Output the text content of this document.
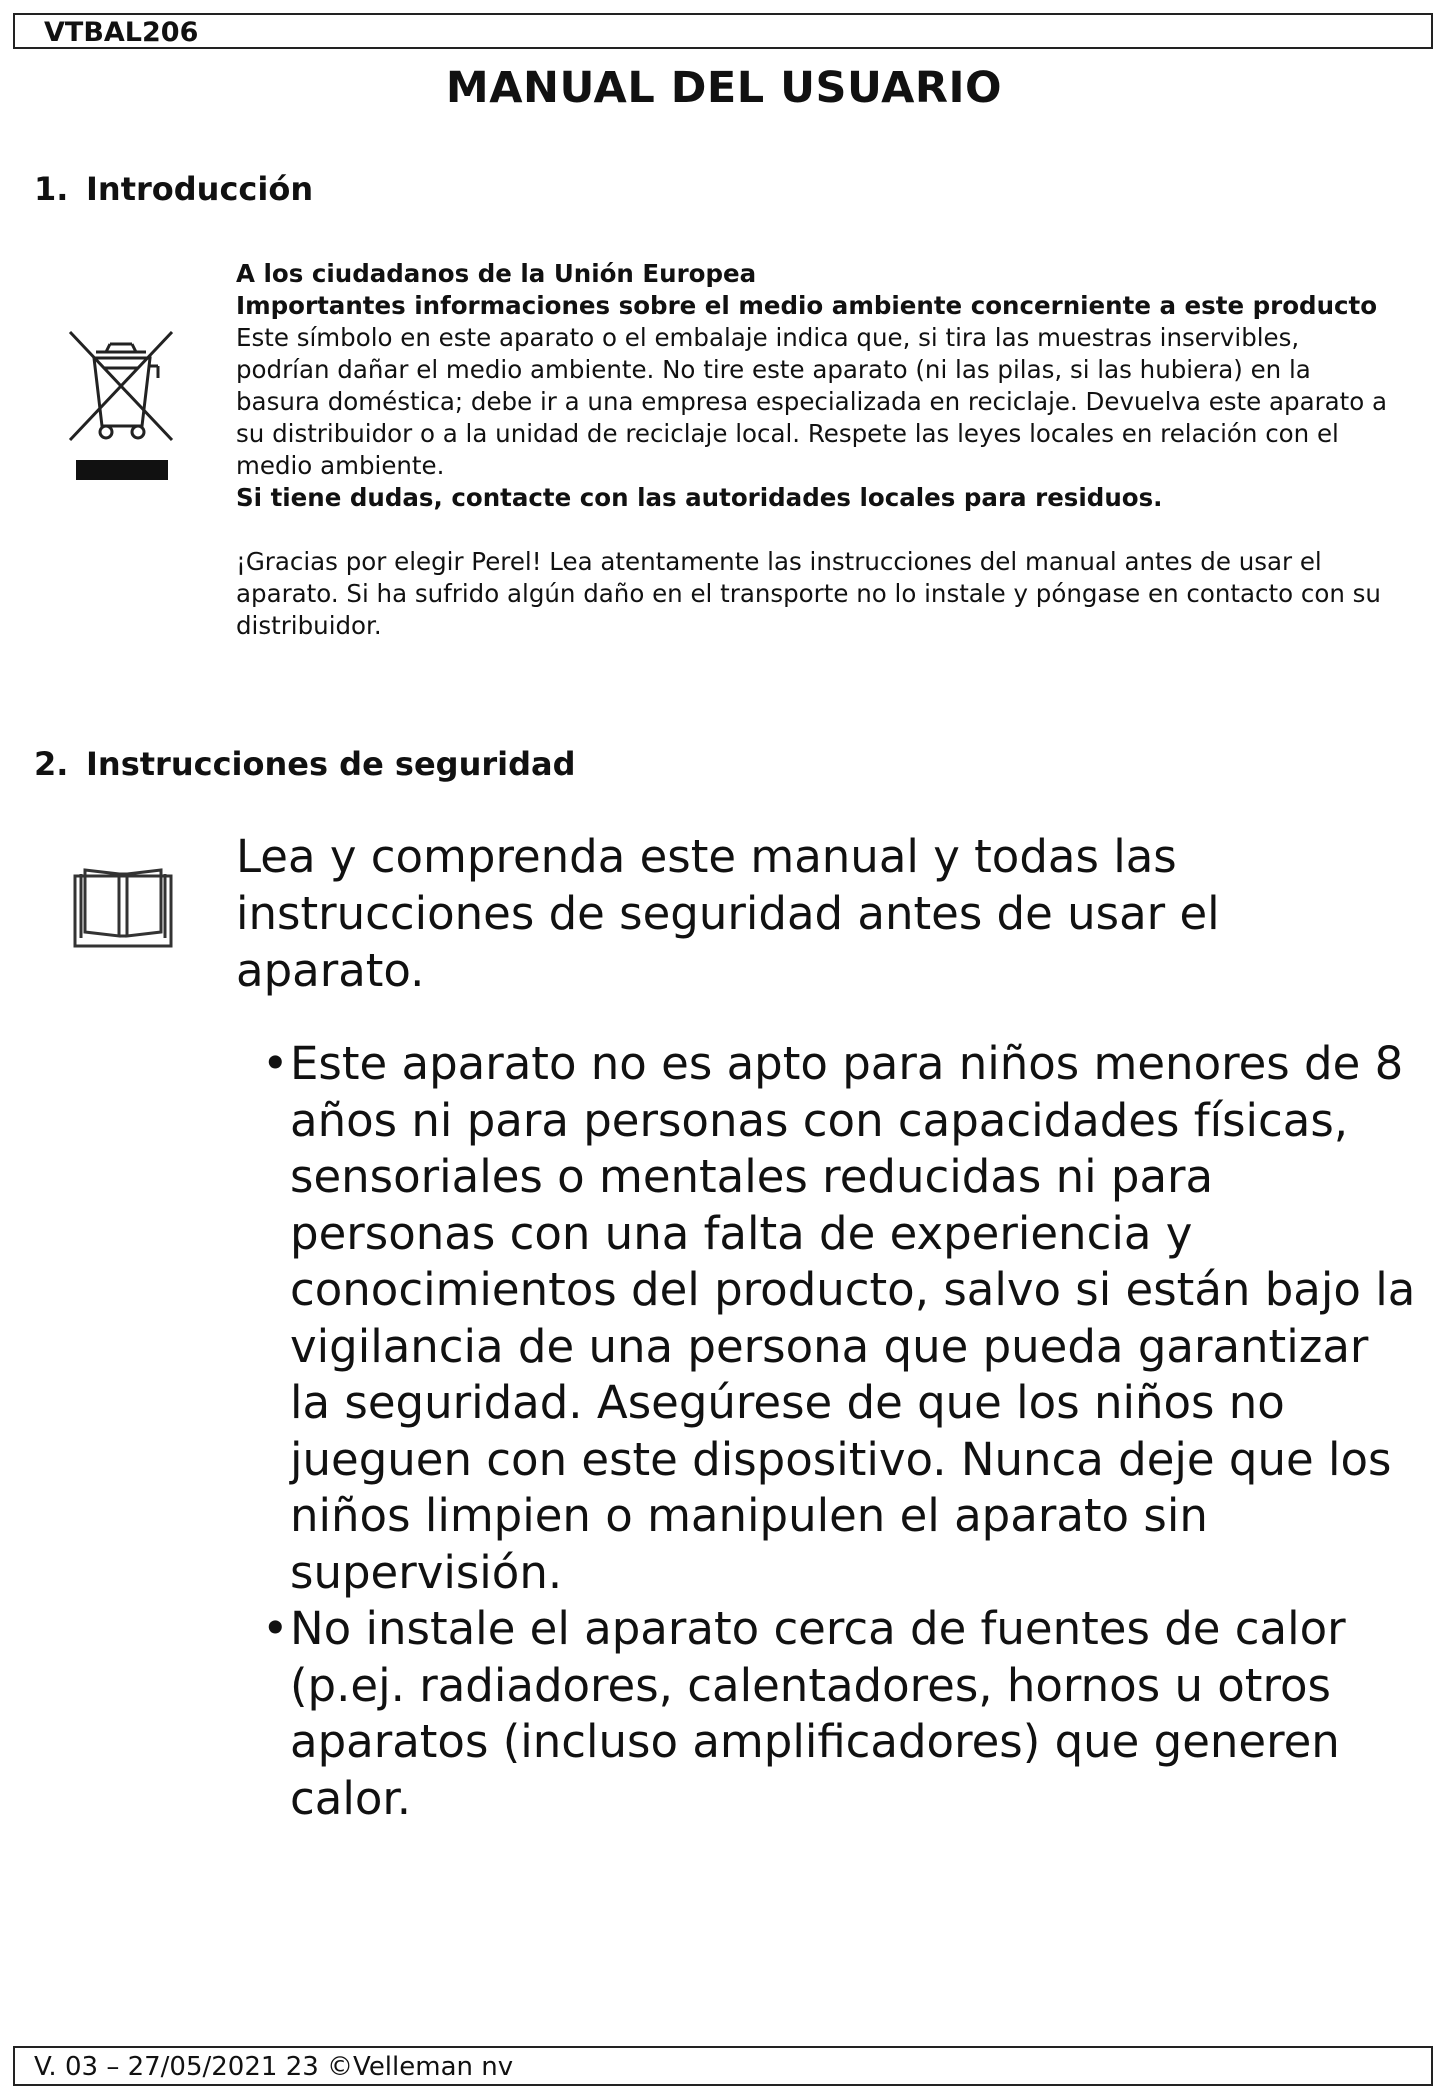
VTBAL206
MANUAL DEL USUARIO
1. Introducción

A los ciudadanos de la Unión Europea

Importantes informaciones sobre el medio ambiente concerniente a este producto

Este símbolo en este aparato o el embalaje indica que, si tira las muestras inservibles, podrían dañar el medio ambiente. No tire este aparato (ni las pilas, si las hubiera) en la basura doméstica; debe ir a una empresa especializada en reciclaje. Devuelva este aparato a su distribuidor o a la unidad de reciclaje local. Respete las leyes locales en relación con el medio ambiente.

Si tiene dudas, contacte con las autoridades locales para residuos.

¡Gracias por elegir Perel! Lea atentamente las instrucciones del manual antes de usar el aparato. Si ha sufrido algún daño en el transporte no lo instale y póngase en contacto con su distribuidor.

2. Instrucciones de seguridad

Lea y comprenda este manual y todas las instrucciones de seguridad antes de usar el aparato.

•Este aparato no es apto para niños menores de 8 años ni para personas con capacidades físicas, sensoriales o mentales reducidas ni para personas con una falta de experiencia y conocimientos del producto, salvo si están bajo la vigilancia de una persona que pueda garantizar la seguridad. Asegúrese de que los niños no jueguen con este dispositivo. Nunca deje que los niños limpien o manipulen el aparato sin supervisión.
•No instale el aparato cerca de fuentes de calor (p.ej. radiadores, calentadores, hornos u otros aparatos (incluso amplificadores) que generen calor.
V. 03 – 27/05/2021 23 ©Velleman nv
